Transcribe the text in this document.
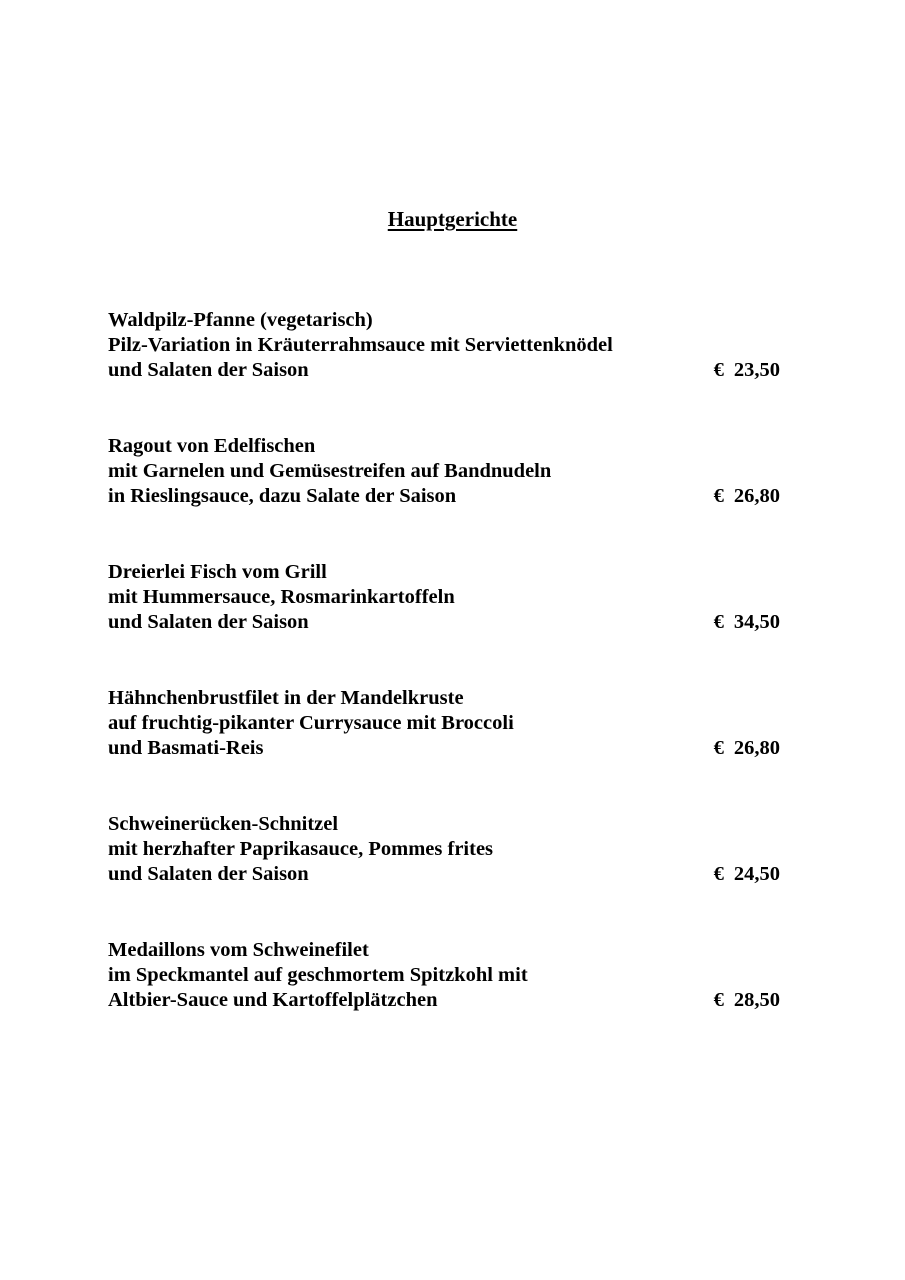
Hauptgerichte
Waldpilz-Pfanne (vegetarisch)
Pilz-Variation in Kräuterrahmsauce mit Serviettenknödel
und Salaten der Saison	€ 23,50
Ragout von Edelfischen
mit Garnelen und Gemüsestreifen auf Bandnudeln
in Rieslingsauce, dazu Salate der Saison	€ 26,80
Dreierlei Fisch vom Grill
mit Hummersauce, Rosmarinkartoffeln
und Salaten der Saison	€ 34,50
Hähnchenbrustfilet in der Mandelkruste
auf fruchtig-pikanter Currysauce mit Broccoli
und Basmati-Reis	€ 26,80
Schweinerücken-Schnitzel
mit herzhafter Paprikasauce, Pommes frites
und Salaten der Saison	€ 24,50
Medaillons vom Schweinefilet
im Speckmantel auf geschmortem Spitzkohl mit
Altbier-Sauce und Kartoffelplätzchen	€ 28,50
